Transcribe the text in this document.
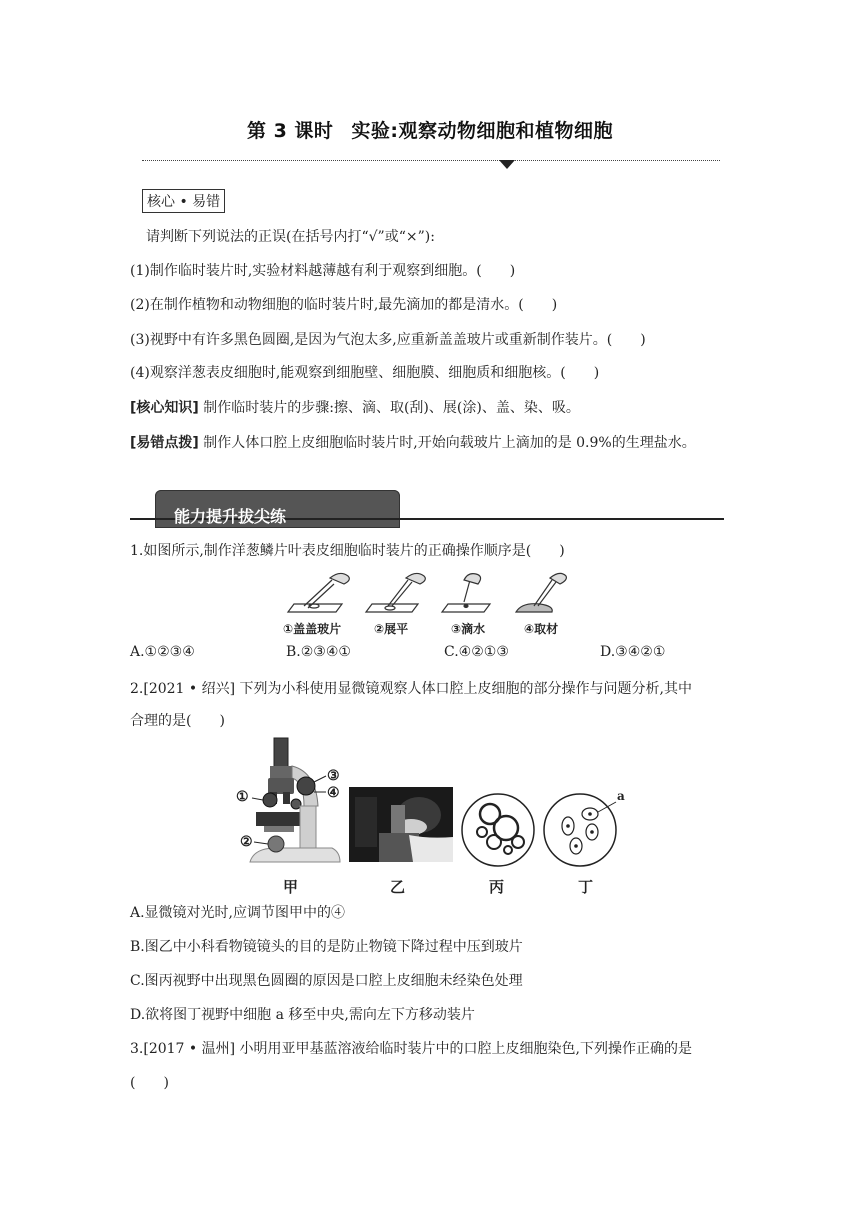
第 3 课时 实验:观察动物细胞和植物细胞
核心 • 易错
请判断下列说法的正误(在括号内打“√”或“×”):
(1)制作临时装片时,实验材料越薄越有利于观察到细胞。(　　)
(2)在制作植物和动物细胞的临时装片时,最先滴加的都是清水。(　　)
(3)视野中有许多黑色圆圈,是因为气泡太多,应重新盖盖玻片或重新制作装片。(　　)
(4)观察洋葱表皮细胞时,能观察到细胞壁、细胞膜、细胞质和细胞核。(　　)
[核心知识] 制作临时装片的步骤:擦、滴、取(刮)、展(涂)、盖、染、吸。
[易错点拨] 制作人体口腔上皮细胞临时装片时,开始向载玻片上滴加的是 0.9%的生理盐水。
能力提升拔尖练
1.如图所示,制作洋葱鳞片叶表皮细胞临时装片的正确操作顺序是(　　)
①盖盖玻片	②展平	③滴水	④取材
A.①②③④	B.②③④①	C.④②①③	D.③④②①
2.[2021 • 绍兴] 下列为小科使用显微镜观察人体口腔上皮细胞的部分操作与问题分析,其中
合理的是(　　)
①
②
③
④	a
甲	乙	丙	丁
A.显微镜对光时,应调节图甲中的④
B.图乙中小科看物镜镜头的目的是防止物镜下降过程中压到玻片
C.图丙视野中出现黑色圆圈的原因是口腔上皮细胞未经染色处理
D.欲将图丁视野中细胞 a 移至中央,需向左下方移动装片
3.[2017 • 温州] 小明用亚甲基蓝溶液给临时装片中的口腔上皮细胞染色,下列操作正确的是
(　　)
